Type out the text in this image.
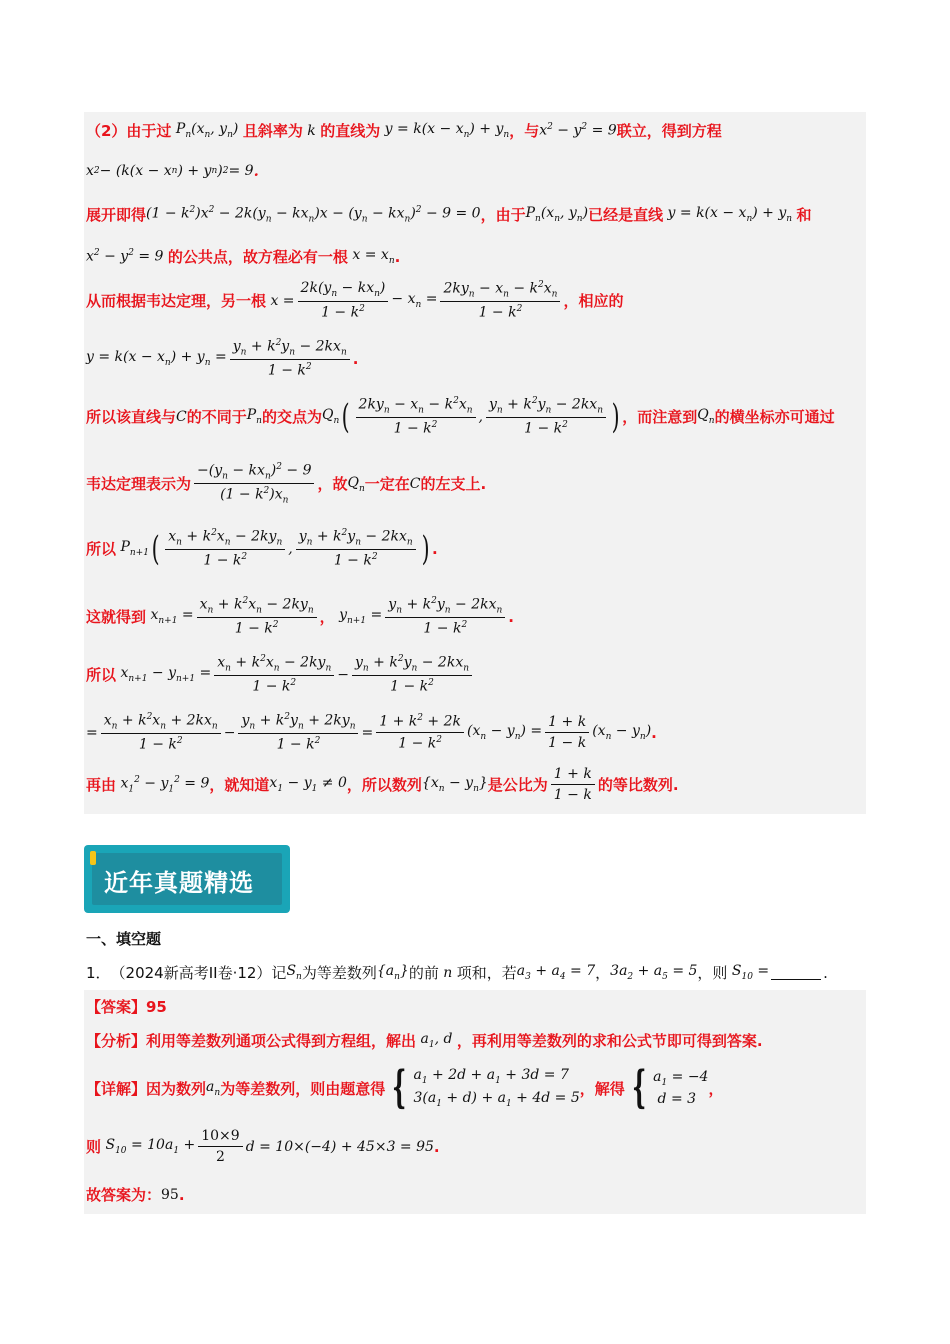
（2）由于过 $P_n(x_n$, $y_n$) 且斜率为 k 的直线为 $y = k(x - x_n) + y_n$ ，与 $x^2 - y^2 = 9$ 联立，得到方程
x 2 − (k(x − x n ) + y n ) 2 = 9 .
展开即得 $(1 - k^2)x^2 - 2k(y_n - kx_n)x - (y_n - kx_n)^2 - 9 = 0$ ，由于 $P_n(x_n$, $y_n$) 已经是直线 $y = k(x - x_n) + y_n$ 和
$x^2 - y^2 = 9$ 的公共点，故方程必有一根 $x = x_n$ .
从而根据韦达定理，另一根 $x = \frac{2k(y_n - kx_n)}{1 - k^2} - x_n = \frac{2ky_n - x_n - k^2x_n}{1 - k^2}$ ，相应的
$y = k(x - x_n) + y_n = \frac{y_n + k^2y_n - 2kx_n}{1 - k^2}$ .
所以该直线与 C 的不同于 $P_n$ 的交点为 $Q_n$ ( $\frac{2ky_n - x_n - k^2x_n}{1 - k^2}$ , $\frac{y_n + k^2y_n - 2kx_n}{1 - k^2}$ ) ，而注意到 $Q_n$ 的横坐标亦可通过
韦达定理表示为 $\frac{-(y_n - kx_n)^2 - 9}{(1 - k^2)x_n}$ ，故 $Q_n$ 一定在 C 的左支上.
所以 $P_{n+1}$ ( $\frac{x_n + k^2x_n - 2ky_n}{1 - k^2}$ , $\frac{y_n + k^2y_n - 2kx_n}{1 - k^2}$ ) .
这就得到 $x_{n+1} = \frac{x_n + k^2x_n - 2ky_n}{1 - k^2}$ ， $y_{n+1} = \frac{y_n + k^2y_n - 2kx_n}{1 - k^2}$ .
所以 $x_{n+1} - y_{n+1} = \frac{x_n + k^2x_n - 2ky_n}{1 - k^2} - \frac{y_n + k^2y_n - 2kx_n}{1 - k^2}$
= $\frac{x_n + k^2x_n + 2kx_n}{1 - k^2} - \frac{y_n + k^2y_n + 2ky_n}{1 - k^2} = \frac{1 + k^2 + 2k}{1 - k^2} (x_n - y_n) = \frac{1 + k}{1 - k} (x_n - y_n)$ .
再由 $x_1^2 - y_1^2 = 9$ ，就知道 $x_1 - y_1 \ne 0$ ，所以数列 $\{x_n - y_n\}$ 是公比为 $\frac{1 + k}{1 - k}$ 的等比数列.
近年真题精选
一、填空题
1． （2024新高考II卷·12）记 $S_n$ 为等差数列 $\{a_n\}$ 的前 n 项和，若 $a_3 + a_4 = 7$ ， $3a_2 + a_5 = 5$ ，则 $S_{10}$ =	.
【答案】95
【分析】 利用等差数列通项公式得到方程组，解出 $a_1$, d ，再利用等差数列的求和公式节即可得到答案.
【详解】 因为数列 $a_n$ 为等差数列，则由题意得 { $a_1 + 2d + a_1 + 3d = 7$
$3(a_1 + d) + a_1 + 4d = 5$
，解得 { $a_1 = -4$
d = 3
，
则 $S_{10} = 10a_1 + \frac{10\times 9}{2}$ d = 10×(−4) + 45×3 = 95 .
故答案为： 95 .
